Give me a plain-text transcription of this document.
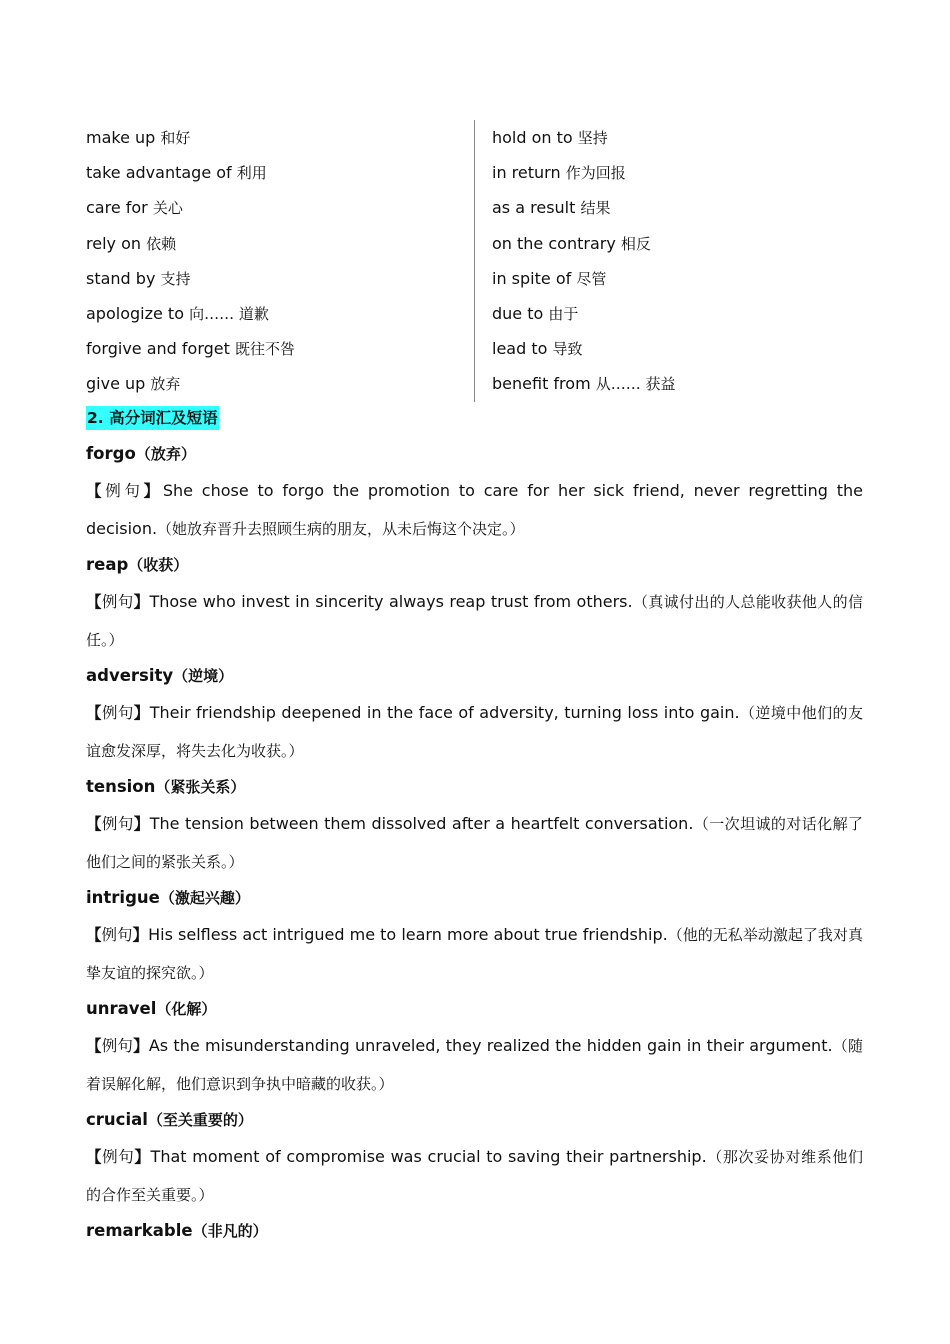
make up 和好
take advantage of 利用
care for 关心
rely on 依赖
stand by 支持
apologize to 向…… 道歉
forgive and forget 既往不咎
give up 放弃
hold on to 坚持
in return 作为回报
as a result 结果
on the contrary 相反
in spite of 尽管
due to 由于
lead to 导致
benefit from 从…… 获益
2. 高分词汇及短语
forgo（放弃）
【例句】She chose to forgo the promotion to care for her sick friend, never regretting the decision.（她放弃晋升去照顾生病的朋友，从未后悔这个决定。）
reap（收获）
【例句】Those who invest in sincerity always reap trust from others.（真诚付出的人总能收获他人的信任。）
adversity（逆境）
【例句】Their friendship deepened in the face of adversity, turning loss into gain.（逆境中他们的友谊愈发深厚，将失去化为收获。）
tension（紧张关系）
【例句】The tension between them dissolved after a heartfelt conversation.（一次坦诚的对话化解了他们之间的紧张关系。）
intrigue（激起兴趣）
【例句】His selfless act intrigued me to learn more about true friendship.（他的无私举动激起了我对真挚友谊的探究欲。）
unravel（化解）
【例句】As the misunderstanding unraveled, they realized the hidden gain in their argument.（随着误解化解，他们意识到争执中暗藏的收获。）
crucial（至关重要的）
【例句】That moment of compromise was crucial to saving their partnership.（那次妥协对维系他们的合作至关重要。）
remarkable（非凡的）
